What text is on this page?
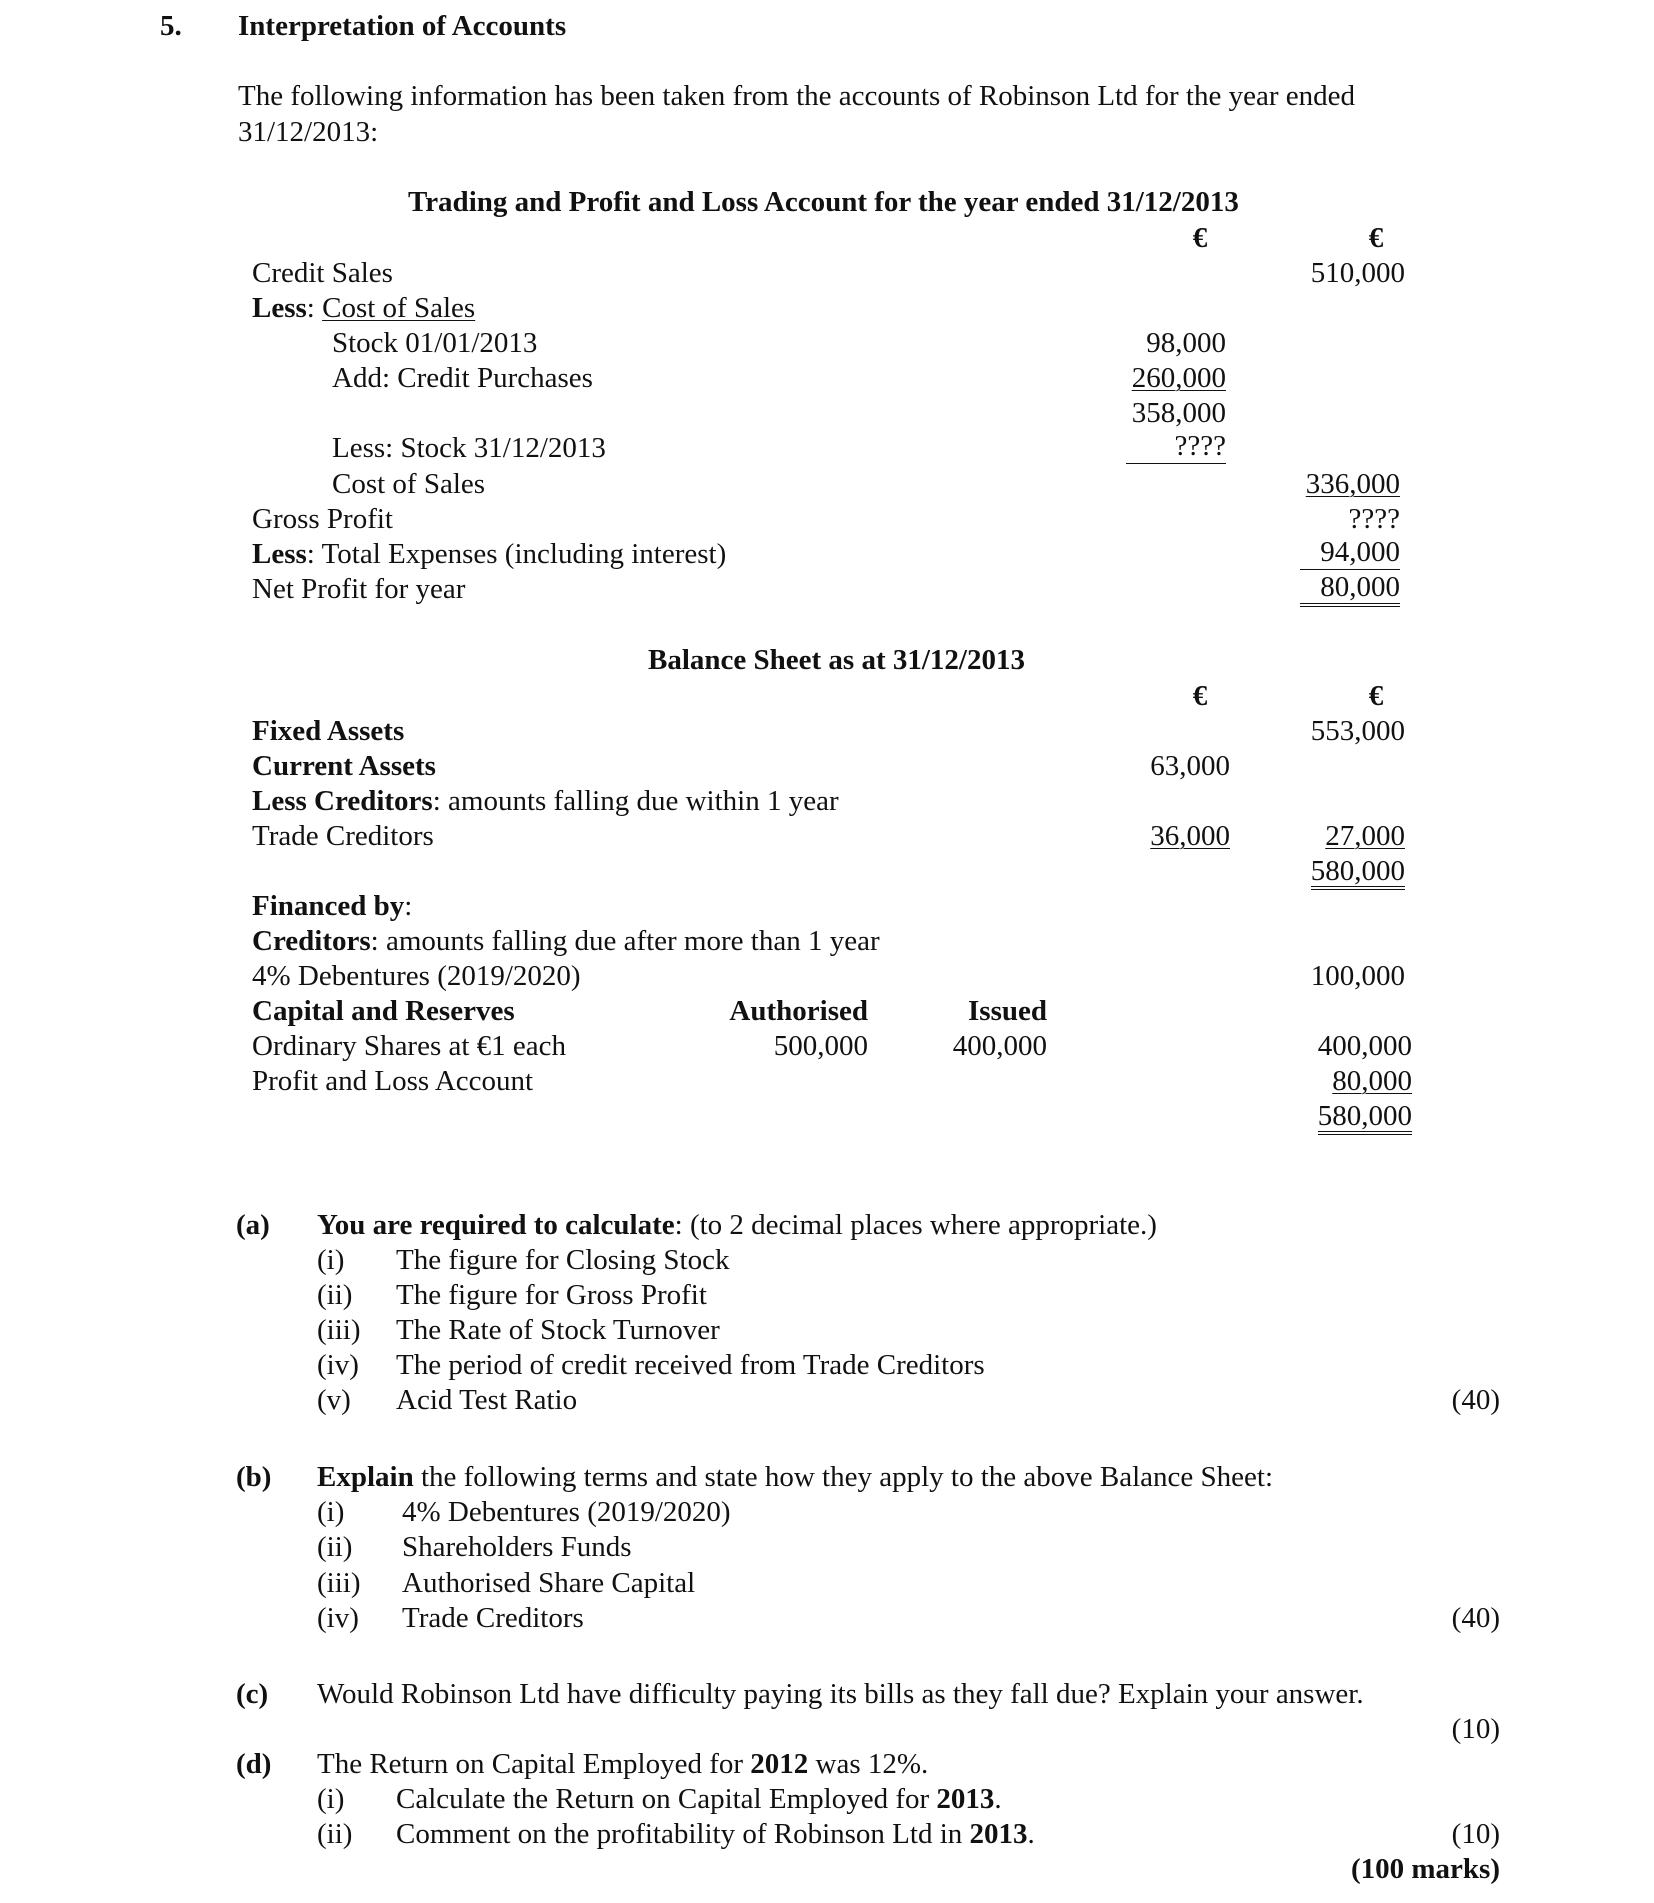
5. Interpretation of Accounts
The following information has been taken from the accounts of Robinson Ltd for the year ended
31/12/2013:
Trading and Profit and Loss Account for the year ended 31/12/2013
€	€
Credit Sales	510,000
Less: Cost of Sales
Stock 01/01/2013	98,000
Add: Credit Purchases	260,000
358,000
Less: Stock 31/12/2013	????
Cost of Sales	336,000
Gross Profit	????
Less: Total Expenses (including interest)	94,000
Net Profit for year	80,000
Balance Sheet as at 31/12/2013
€	€
Fixed Assets	553,000
Current Assets	63,000
Less Creditors: amounts falling due within 1 year
Trade Creditors	36,000	27,000
580,000
Financed by:
Creditors: amounts falling due after more than 1 year
4% Debentures (2019/2020)	100,000
Capital and Reserves	Authorised	Issued
Ordinary Shares at €1 each	500,000	400,000	400,000
Profit and Loss Account	80,000
580,000
(a) You are required to calculate: (to 2 decimal places where appropriate.)
(i) The figure for Closing Stock
(ii) The figure for Gross Profit
(iii) The Rate of Stock Turnover
(iv) The period of credit received from Trade Creditors
(v) Acid Test Ratio	(40)
(b) Explain the following terms and state how they apply to the above Balance Sheet:
(i) 4% Debentures (2019/2020)
(ii) Shareholders Funds
(iii) Authorised Share Capital
(iv) Trade Creditors	(40)
(c) Would Robinson Ltd have difficulty paying its bills as they fall due? Explain your answer.
(10)
(d) The Return on Capital Employed for 2012 was 12%.
(i) Calculate the Return on Capital Employed for 2013.
(ii) Comment on the profitability of Robinson Ltd in 2013.	(10)
(100 marks)
